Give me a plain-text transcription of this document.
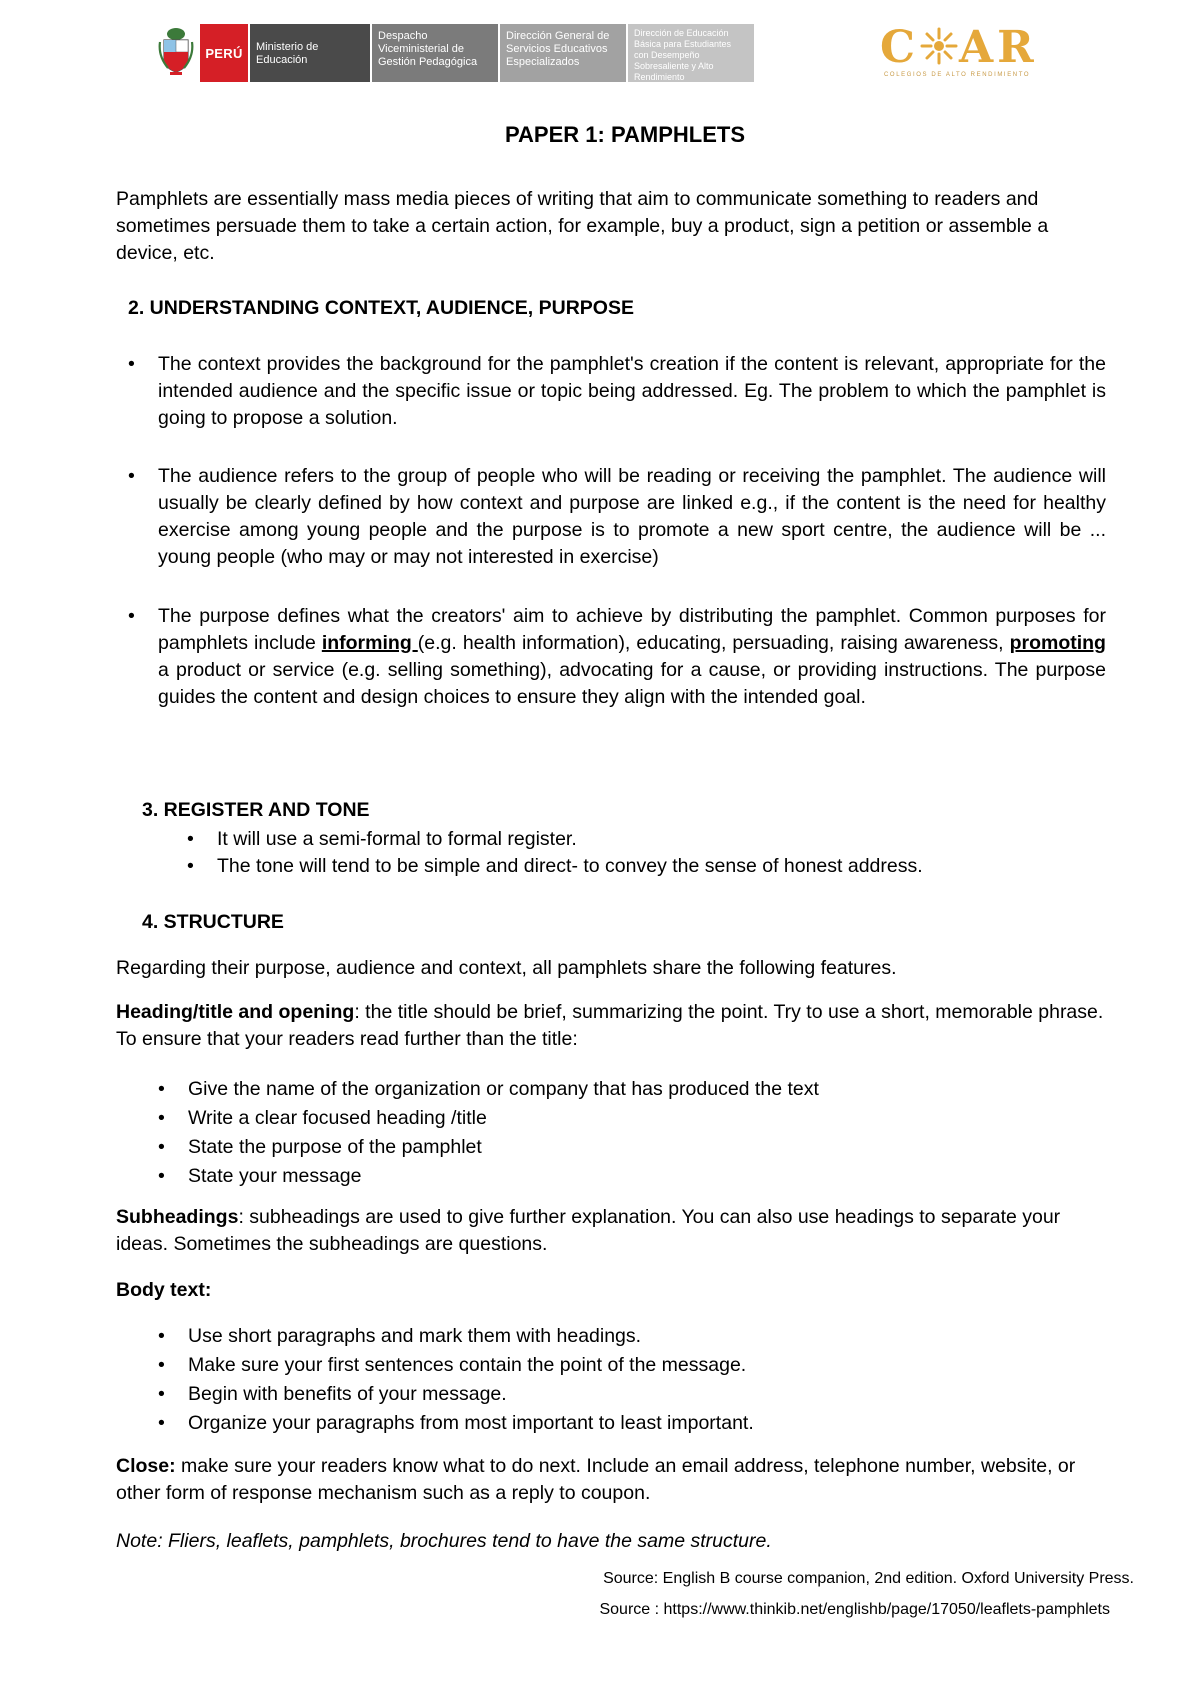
PERÚ	Ministerio de Educación
Despacho Viceministerial de Gestión Pedagógica
Dirección General de Servicios Educativos Especializados
Dirección de Educación Básica para Estudiantes con Desempeño Sobresaliente y Alto Rendimiento
C AR
COLEGIOS DE ALTO RENDIMIENTO
PAPER 1: PAMPHLETS

Pamphlets are essentially mass media pieces of writing that aim to communicate something to readers and sometimes persuade them to take a certain action, for example, buy a product, sign a petition or assemble a device, etc.

2. UNDERSTANDING CONTEXT, AUDIENCE, PURPOSE
• The context provides the background for the pamphlet's creation if the content is relevant, appropriate for the intended audience and the specific issue or topic being addressed. Eg. The problem to which the pamphlet is going to propose a solution.
• The audience refers to the group of people who will be reading or receiving the pamphlet. The audience will usually be clearly defined by how context and purpose are linked e.g., if the content is the need for healthy exercise among young people and the purpose is to promote a new sport centre, the audience will be ... young people (who may or may not interested in exercise)
• The purpose defines what the creators' aim to achieve by distributing the pamphlet. Common purposes for pamphlets include informing (e.g. health information), educating, persuading, raising awareness, promoting a product or service (e.g. selling something), advocating for a cause, or providing instructions. The purpose guides the content and design choices to ensure they align with the intended goal.
3. REGISTER AND TONE
• It will use a semi-formal to formal register.
• The tone will tend to be simple and direct- to convey the sense of honest address.
4. STRUCTURE

Regarding their purpose, audience and context, all pamphlets share the following features.

Heading/title and opening: the title should be brief, summarizing the point. Try to use a short, memorable phrase. To ensure that your readers read further than the title:

• Give the name of the organization or company that has produced the text
• Write a clear focused heading /title
• State the purpose of the pamphlet
• State your message

Subheadings: subheadings are used to give further explanation. You can also use headings to separate your ideas. Sometimes the subheadings are questions.

Body text:
• Use short paragraphs and mark them with headings.
• Make sure your first sentences contain the point of the message.
• Begin with benefits of your message.
• Organize your paragraphs from most important to least important.

Close: make sure your readers know what to do next. Include an email address, telephone number, website, or other form of response mechanism such as a reply to coupon.

Note: Fliers, leaflets, pamphlets, brochures tend to have the same structure.

Source: English B course companion, 2nd edition. Oxford University Press.
Source : https://www.thinkib.net/englishb/page/17050/leaflets-pamphlets
